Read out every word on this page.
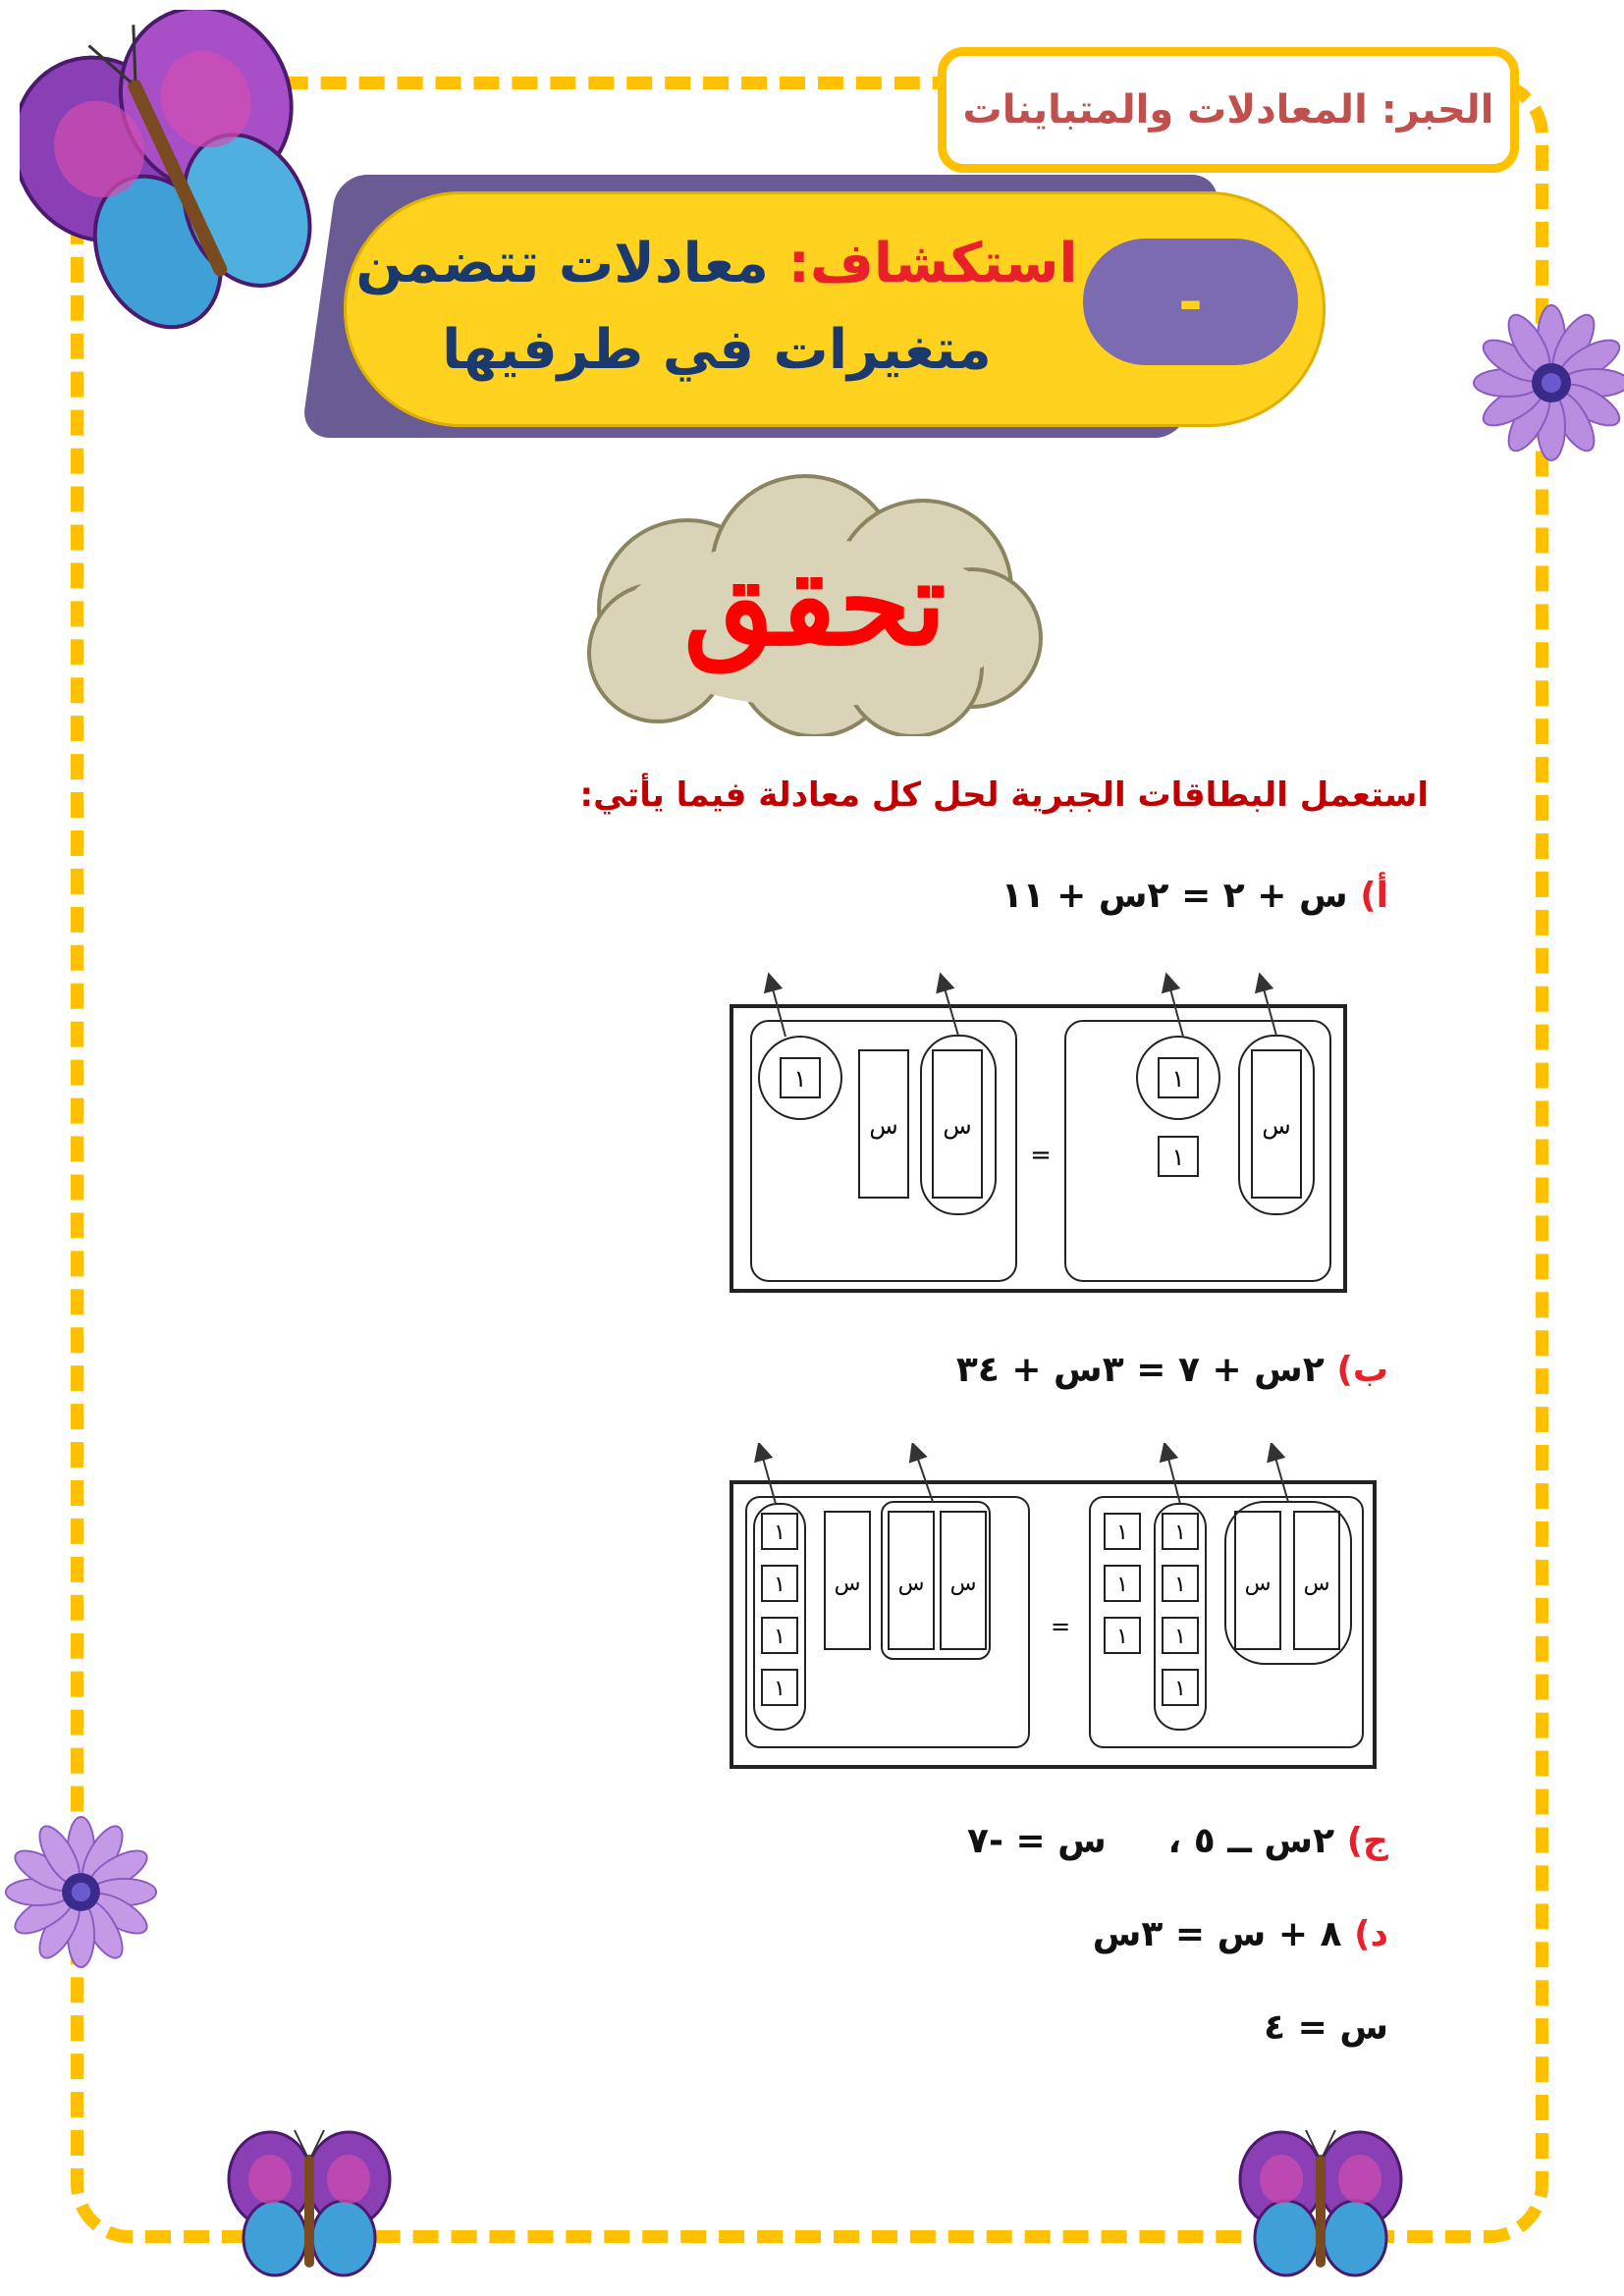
الحبر: المعادلات والمتباينات
-
استكشاف: معادلات تتضمن
متغيرات في طرفيها
تحقق
استعمل البطاقات الجبرية لحل كل معادلة فيما يأتي:
أ) س + ٢ = ٢س + ١١
١
س س
=
١
١
س
ب) ٢س + ٧ = ٣س + ٣٤
١
١
١
١
س س س
=
١
١
١
١
١
١
١
س س
ج) ٢س ــ ٥ ،     س = -٧
د) ٨ + س = ٣س
س = ٤
